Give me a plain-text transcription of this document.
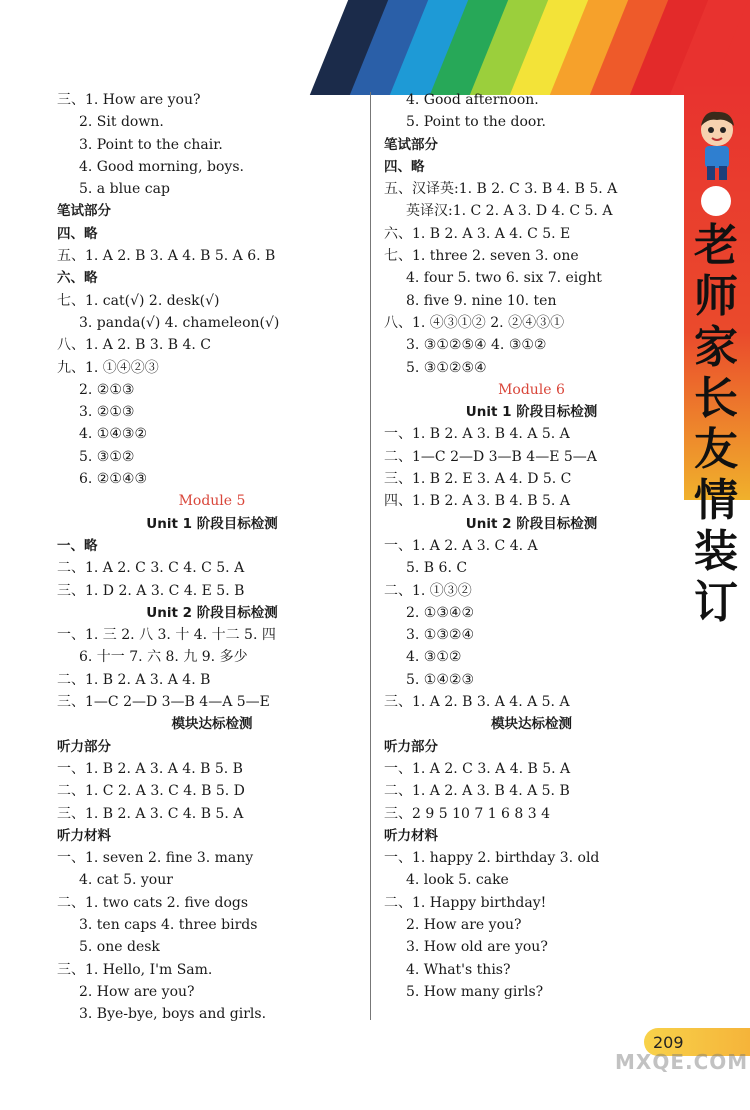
老
师
家
长
友
情
装
订
三、1. How are you?
2. Sit down.
3. Point to the chair.
4. Good morning, boys.
5. a blue cap
笔试部分
四、略
五、1. A 2. B 3. A 4. B 5. A 6. B
六、略
七、1. cat(√) 2. desk(√)
3. panda(√) 4. chameleon(√)
八、1. A 2. B 3. B 4. C
九、1. ①④②③
2. ②①③
3. ②①③
4. ①④③②
5. ③①②
6. ②①④③
Module 5
Unit 1 阶段目标检测
一、略
二、1. A 2. C 3. C 4. C 5. A
三、1. D 2. A 3. C 4. E 5. B
Unit 2 阶段目标检测
一、1. 三 2. 八 3. 十 4. 十二 5. 四
6. 十一 7. 六 8. 九 9. 多少
二、1. B 2. A 3. A 4. B
三、1—C 2—D 3—B 4—A 5—E
模块达标检测
听力部分
一、1. B 2. A 3. A 4. B 5. B
二、1. C 2. A 3. C 4. B 5. D
三、1. B 2. A 3. C 4. B 5. A
听力材料
一、1. seven 2. fine 3. many
4. cat 5. your
二、1. two cats 2. five dogs
3. ten caps 4. three birds
5. one desk
三、1. Hello, I'm Sam.
2. How are you?
3. Bye-bye, boys and girls.
4. Good afternoon.
5. Point to the door.
笔试部分
四、略
五、汉译英:1. B 2. C 3. B 4. B 5. A
英译汉:1. C 2. A 3. D 4. C 5. A
六、1. B 2. A 3. A 4. C 5. E
七、1. three 2. seven 3. one
4. four 5. two 6. six 7. eight
8. five 9. nine 10. ten
八、1. ④③①② 2. ②④③①
3. ③①②⑤④ 4. ③①②
5. ③①②⑤④
Module 6
Unit 1 阶段目标检测
一、1. B 2. A 3. B 4. A 5. A
二、1—C 2—D 3—B 4—E 5—A
三、1. B 2. E 3. A 4. D 5. C
四、1. B 2. A 3. B 4. B 5. A
Unit 2 阶段目标检测
一、1. A 2. A 3. C 4. A
5. B 6. C
二、1. ①③②
2. ①③④②
3. ①③②④
4. ③①②
5. ①④②③
三、1. A 2. B 3. A 4. A 5. A
模块达标检测
听力部分
一、1. A 2. C 3. A 4. B 5. A
二、1. A 2. A 3. B 4. A 5. B
三、2 9 5 10 7 1 6 8 3 4
听力材料
一、1. happy 2. birthday 3. old
4. look 5. cake
二、1. Happy birthday!
2. How are you?
3. How old are you?
4. What's this?
5. How many girls?
209
MXQE.COM
